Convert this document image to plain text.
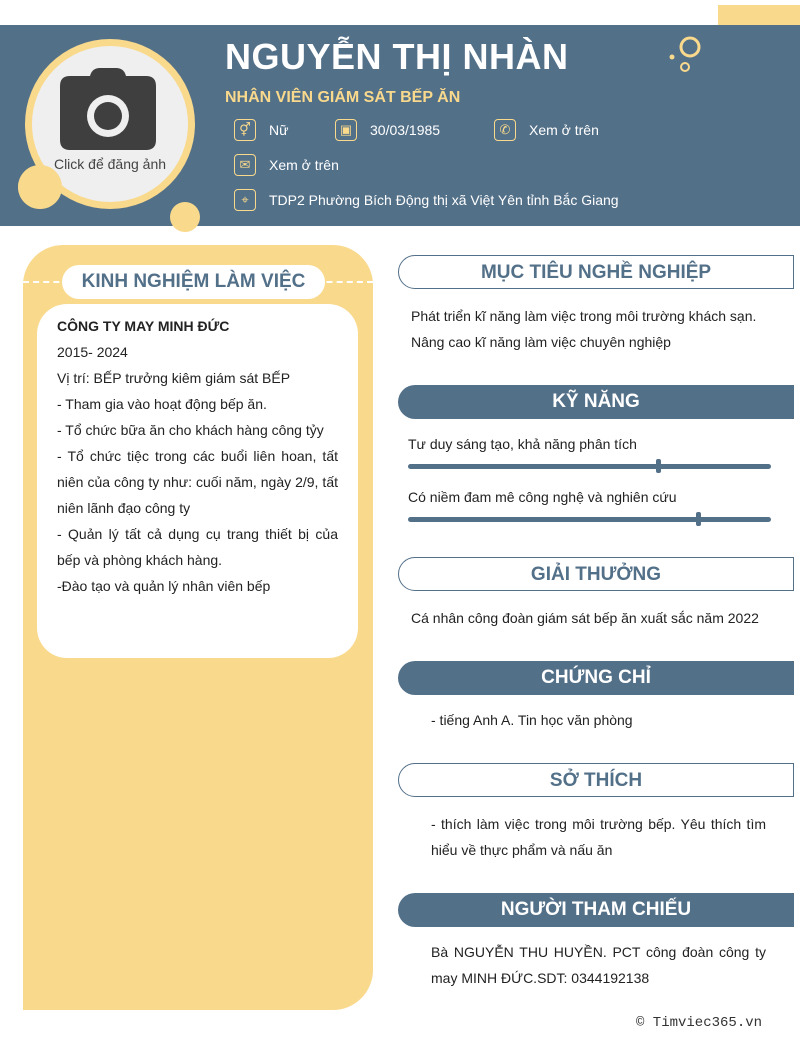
Click để đăng ảnh
NGUYỄN THỊ NHÀN
NHÂN VIÊN GIÁM SÁT BẾP ĂN
⚥	Nữ	▣	30/03/1985	✆	Xem ở trên
✉	Xem ở trên
⌖	TDP2 Phường Bích Động thị xã Việt Yên tỉnh Bắc Giang
KINH NGHIỆM LÀM VIỆC
CÔNG TY MAY MINH ĐỨC
2015- 2024
Vị trí: BẾP trưởng kiêm giám sát BẾP
- Tham gia vào hoạt động bếp ăn.
- Tổ chức bữa ăn cho khách hàng công tỷy
- Tổ chức tiệc trong các buổi liên hoan, tất niên của công ty như: cuối năm, ngày 2/9, tất niên lãnh đạo công ty
- Quản lý tất cả dụng cụ trang thiết bị của bếp và phòng khách hàng.
-Đào tạo và quản lý nhân viên bếp
MỤC TIÊU NGHỀ NGHIỆP
Phát triển kĩ năng làm việc trong môi trường khách sạn.
Nâng cao kĩ năng làm việc chuyên nghiệp
KỸ NĂNG
Tư duy sáng tạo, khả năng phân tích
Có niềm đam mê công nghệ và nghiên cứu
GIẢI THƯỞNG
Cá nhân công đoàn giám sát bếp ăn xuất sắc năm 2022
CHỨNG CHỈ
- tiếng Anh A. Tin học văn phòng
SỞ THÍCH
- thích làm việc trong môi trường bếp. Yêu thích tìm hiểu về thực phẩm và nấu ăn
NGƯỜI THAM CHIẾU
Bà NGUYỄN THU HUYỀN. PCT công đoàn công ty may MINH ĐỨC.SDT: 0344192138
© Timviec365.vn
